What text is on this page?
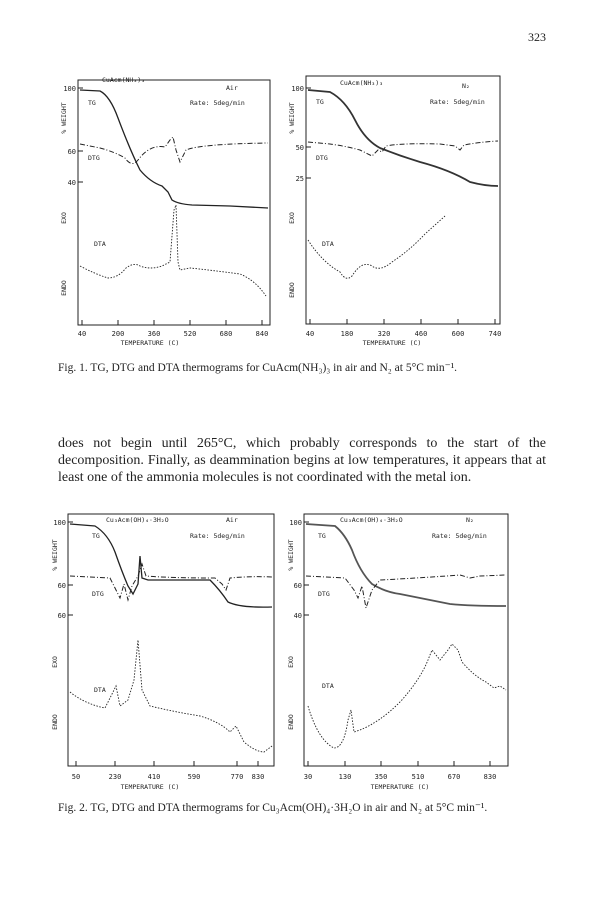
323
100
60
40
40	200	360	520	680	840
TEMPERATURE (C)
% WEIGHT
EXO
ENDO
CuAcm(NH₃)₃
Air
Rate: 5deg/min
TG
DTG
DTA
100
50
25
40	180	320	460	600	740
TEMPERATURE (C)
% WEIGHT
EXO
ENDO
CuAcm(NH₃)₃	N₂
Rate: 5deg/min
TG
DTG
DTA
Fig. 1. TG, DTG and DTA thermograms for CuAcm(NH₃)₃ in air and N₂ at 5°C min⁻¹.
does not begin until 265°C, which probably corresponds to the start of the decomposition. Finally, as deammination begins at low temperatures, it appears that at least one of the ammonia molecules is not coordinated with the metal ion.
100
60
60
50	230	410	590	770 830
TEMPERATURE (C)
% WEIGHT
EXO
ENDO
Cu₃Acm(OH)₄·3H₂O	Air
Rate: 5deg/min
TG
DTG
DTA
100
60
40
30	130	350	510	670	830
TEMPERATURE (C)
% WEIGHT
EXO
ENDO
Cu₃Acm(OH)₄·3H₂O	N₂
Rate: 5deg/min
TG
DTG
DTA
Fig. 2. TG, DTG and DTA thermograms for Cu₃Acm(OH)₄·3H₂O in air and N₂ at 5°C min⁻¹.
